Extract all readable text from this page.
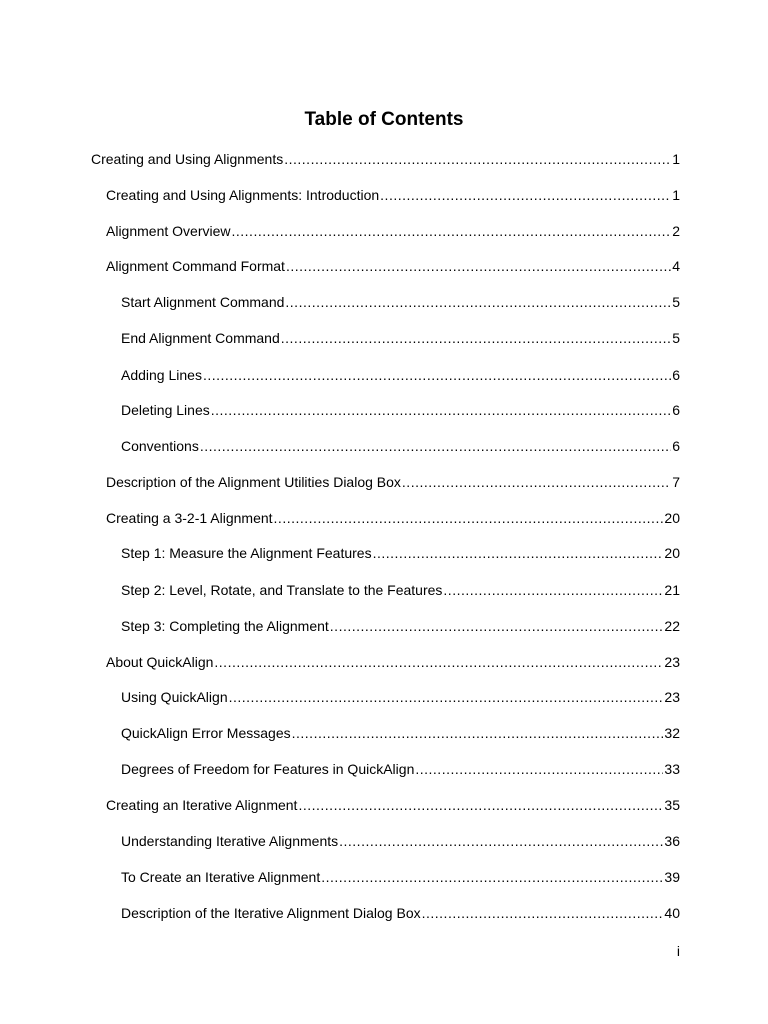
Table of Contents
Creating and Using Alignments .....	1
Creating and Using Alignments: Introduction .....	1
Alignment Overview .....	2
Alignment Command Format .....	4
Start Alignment Command .....	5
End Alignment Command .....	5
Adding Lines .....	6
Deleting Lines .....	6
Conventions .....	6
Description of the Alignment Utilities Dialog Box .....	7
Creating a 3-2-1 Alignment .....	20
Step 1: Measure the Alignment Features .....	20
Step 2: Level, Rotate, and Translate to the Features .....	21
Step 3: Completing the Alignment .....	22
About QuickAlign .....	23
Using QuickAlign .....	23
QuickAlign Error Messages .....	32
Degrees of Freedom for Features in QuickAlign .....	33
Creating an Iterative Alignment .....	35
Understanding Iterative Alignments .....	36
To Create an Iterative Alignment .....	39
Description of the Iterative Alignment Dialog Box .....	40
i
